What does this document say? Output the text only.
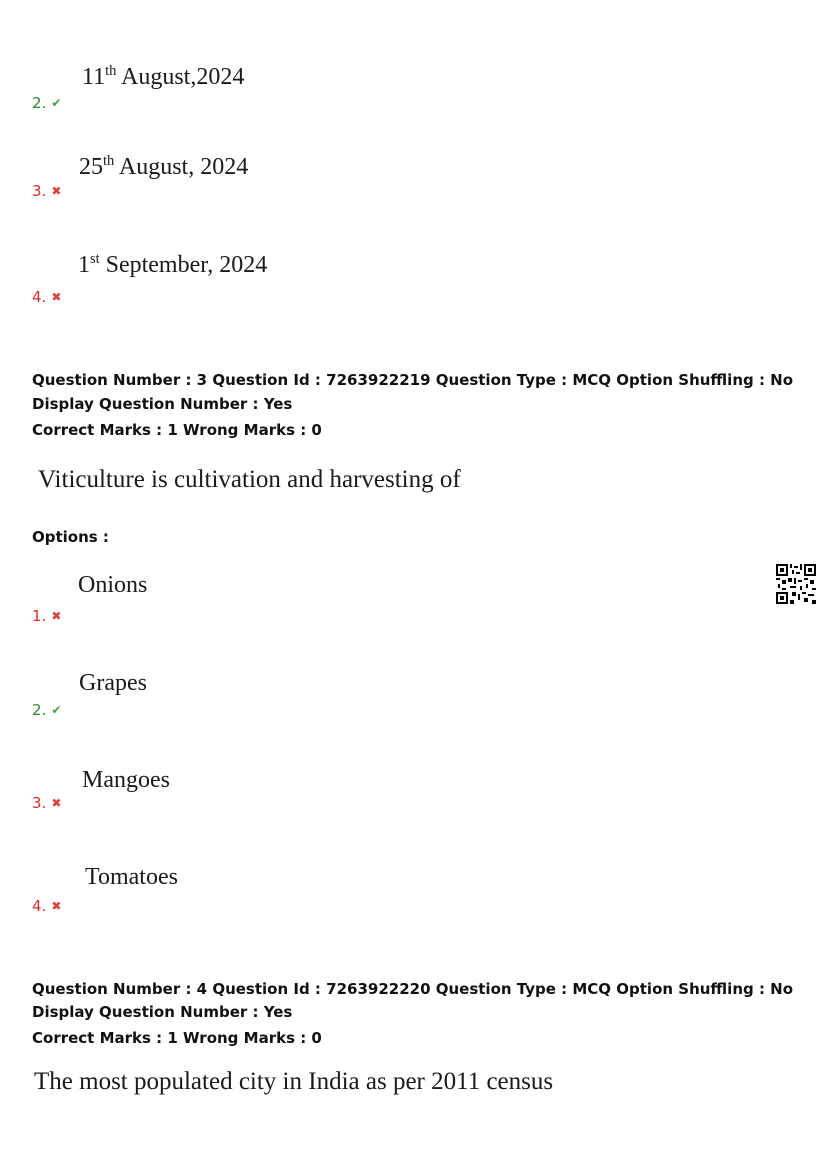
11th August,2024
2. ✔
25th August, 2024
3. ✖
1st September, 2024
4. ✖
Question Number : 3 Question Id : 7263922219 Question Type : MCQ Option Shuffling : No
Display Question Number : Yes
Correct Marks : 1 Wrong Marks : 0
Viticulture is cultivation and harvesting of
Options :
Onions
1. ✖
Grapes
2. ✔
Mangoes
3. ✖
Tomatoes
4. ✖
Question Number : 4 Question Id : 7263922220 Question Type : MCQ Option Shuffling : No
Display Question Number : Yes
Correct Marks : 1 Wrong Marks : 0
The most populated city in India as per 2011 census
